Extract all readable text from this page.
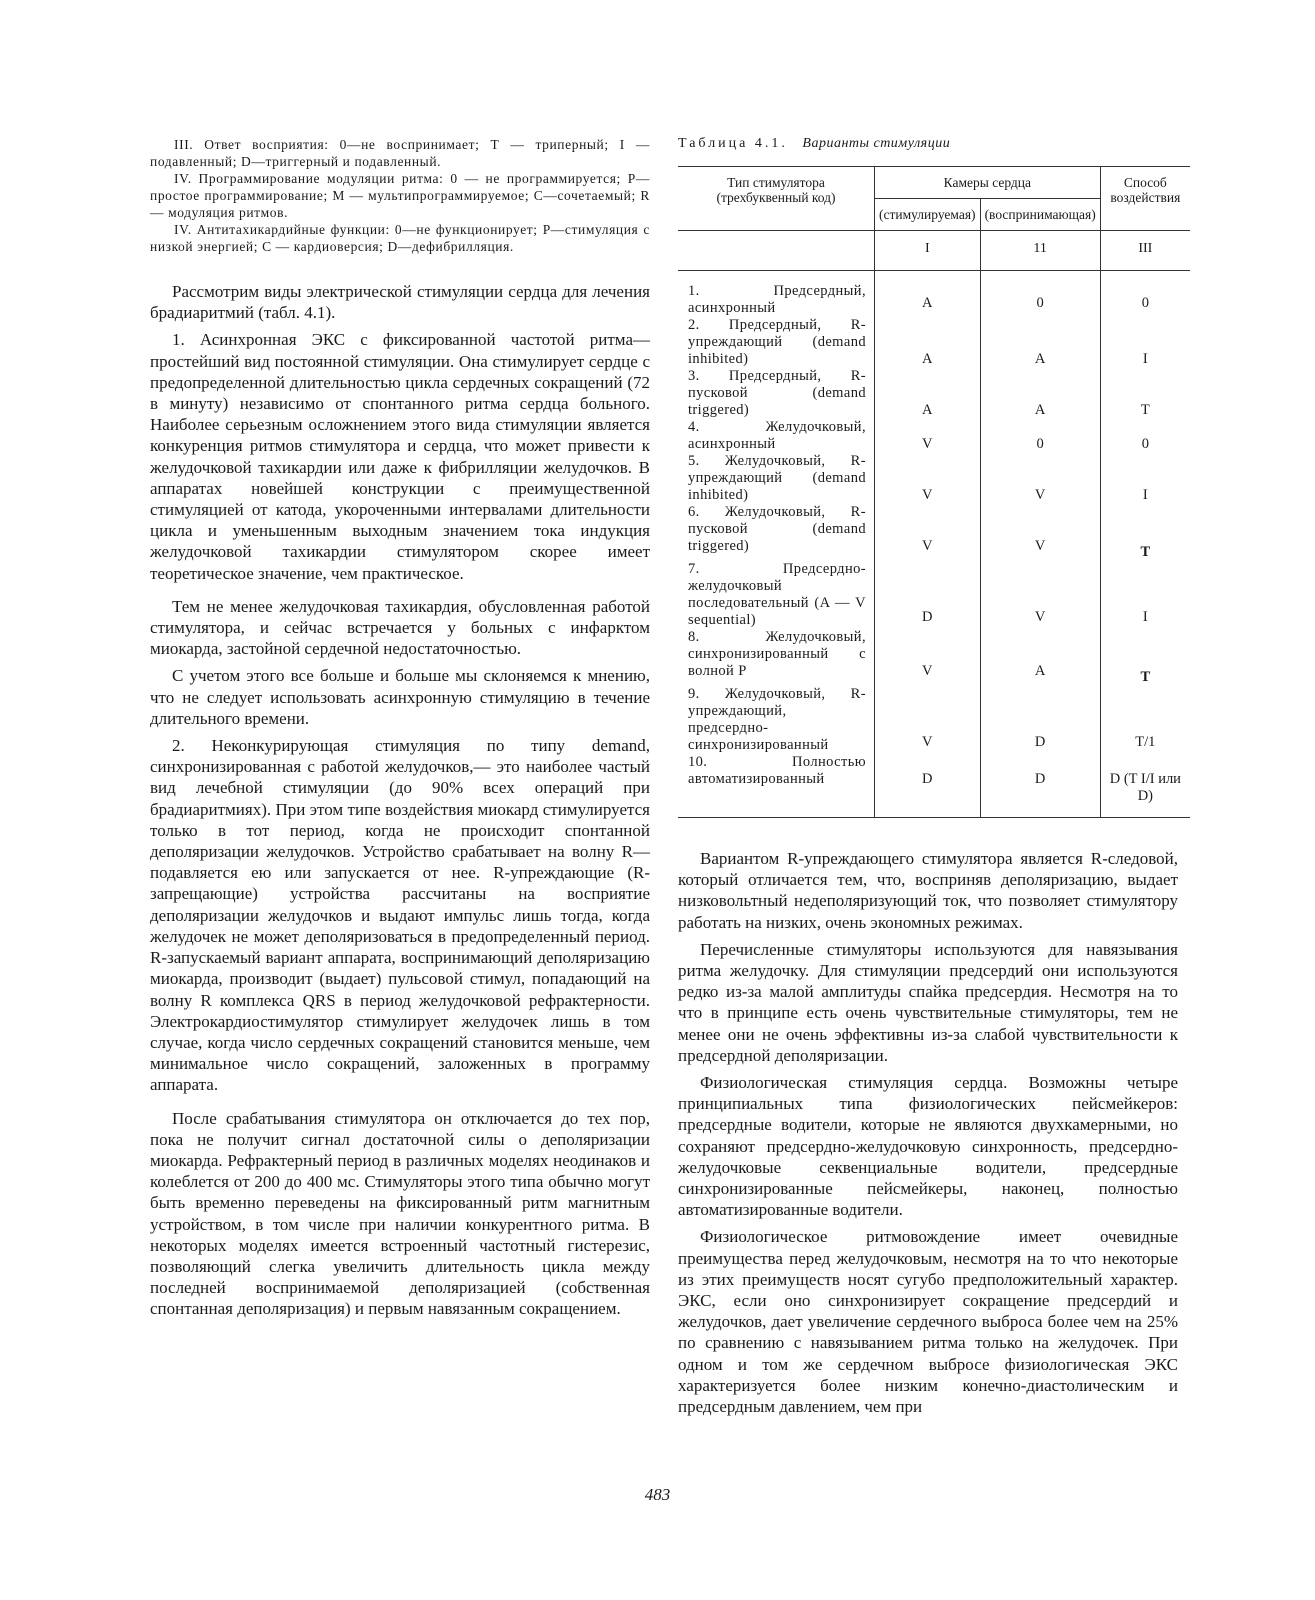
III. Ответ восприятия: 0—не воспринимает; Т — триперный; I — подавленный; D—триггерный и подавленный.

IV. Программирование модуляции ритма: 0 — не программируется; Р—простое программирование; М — мультипрограммируемое; С—сочетаемый; R — модуляция ритмов.

IV. Антитахикардийные функции: 0—не функционирует; Р—стимуляция с низкой энергией; С — кардиоверсия; D—дефибрилляция.

Рассмотрим виды электрической стимуляции сердца для лечения брадиаритмий (табл. 4.1).

1. Асинхронная ЭКС с фиксированной частотой ритма—простейший вид постоянной стимуляции. Она стимулирует сердце с предопределенной длительностью цикла сердечных сокращений (72 в минуту) независимо от спонтанного ритма сердца больного. Наиболее серьезным осложнением этого вида стимуляции является конкуренция ритмов стимулятора и сердца, что может привести к желудочковой тахикардии или даже к фибрилляции желудочков. В аппаратах новейшей конструкции с преимущественной стимуляцией от катода, укороченными интервалами длительности цикла и уменьшенным выходным значением тока индукция желудочковой тахикардии стимулятором скорее имеет теоретическое значение, чем практическое.

Тем не менее желудочковая тахикардия, обусловленная работой стимулятора, и сейчас встречается у больных с инфарктом миокарда, застойной сердечной недостаточностью.

С учетом этого все больше и больше мы склоняемся к мнению, что не следует использовать асинхронную стимуляцию в течение длительного времени.

2. Неконкурирующая стимуляция по типу demand, синхронизированная с работой желудочков,— это наиболее частый вид лечебной стимуляции (до 90% всех операций при брадиаритмиях). При этом типе воздействия миокард стимулируется только в тот период, когда не происходит спонтанной деполяризации желудочков. Устройство срабатывает на волну R—подавляется ею или запускается от нее. R-упреждающие (R-запрещающие) устройства рассчитаны на восприятие деполяризации желудочков и выдают импульс лишь тогда, когда желудочек не может деполяризоваться в предопределенный период. R-запускаемый вариант аппарата, воспринимающий деполяризацию миокарда, производит (выдает) пульсовой стимул, попадающий на волну R комплекса QRS в период желудочковой рефрактерности. Электрокардиостимулятор стимулирует желудочек лишь в том случае, когда число сердечных сокращений становится меньше, чем минимальное число сокращений, заложенных в программу аппарата.

После срабатывания стимулятора он отключается до тех пор, пока не получит сигнал достаточной силы о деполяризации миокарда. Рефрактерный период в различных моделях неодинаков и колеблется от 200 до 400 мс. Стимуляторы этого типа обычно могут быть временно переведены на фиксированный ритм магнитным устройством, в том числе при наличии конкурентного ритма. В некоторых моделях имеется встроенный частотный гистерезис, позволяющий слегка увеличить длительность цикла между последней воспринимаемой деполяризацией (собственная спонтанная деполяризация) и первым навязанным сокращением.

Таблица 4.1. Варианты стимуляции
Тип стимулятора (трехбуквенный код)	Камеры сердца		Способ воздействия
	(стимулируемая)	(воспринимающая)	
	I	11	III
1. Предсердный, асинхронный	A	0	0
2. Предсердный, R-упреждающий (demand inhibited)	A	A	I
3. Предсердный, R-пусковой (demand triggered)	A	A	T
4. Желудочковый, асинхронный	V	0	0
5. Желудочковый, R-упреждающий (demand inhibited)	V	V	I
6. Желудочковый, R-пусковой (demand triggered)	V	V	T
7. Предсердно-желудочковый последовательный (A — V sequential)	D	V	I
8. Желудочковый, синхронизированный с волной P	V	A	T
9. Желудочковый, R-упреждающий, предсердно-синхронизированный	V	D	T/1
10. Полностью автоматизированный	D	D	D (T I/I или D)

Вариантом R-упреждающего стимулятора является R-следовой, который отличается тем, что, восприняв деполяризацию, выдает низковольтный недеполяризующий ток, что позволяет стимулятору работать на низких, очень экономных режимах.

Перечисленные стимуляторы используются для навязывания ритма желудочку. Для стимуляции предсердий они используются редко из-за малой амплитуды спайка предсердия. Несмотря на то что в принципе есть очень чувствительные стимуляторы, тем не менее они не очень эффективны из-за слабой чувствительности к предсердной деполяризации.

Физиологическая стимуляция сердца. Возможны четыре принципиальных типа физиологических пейсмейкеров: предсердные водители, которые не являются двухкамерными, но сохраняют предсердно-желудочковую синхронность, предсердно-желудочковые секвенциальные водители, предсердные синхронизированные пейсмейкеры, наконец, полностью автоматизированные водители.

Физиологическое ритмовождение имеет очевидные преимущества перед желудочковым, несмотря на то что некоторые из этих преимуществ носят сугубо предположительный характер. ЭКС, если оно синхронизирует сокращение предсердий и желудочков, дает увеличение сердечного выброса более чем на 25% по сравнению с навязыванием ритма только на желудочек. При одном и том же сердечном выбросе физиологическая ЭКС характеризуется более низким конечно-диастолическим и предсердным давлением, чем при

483
